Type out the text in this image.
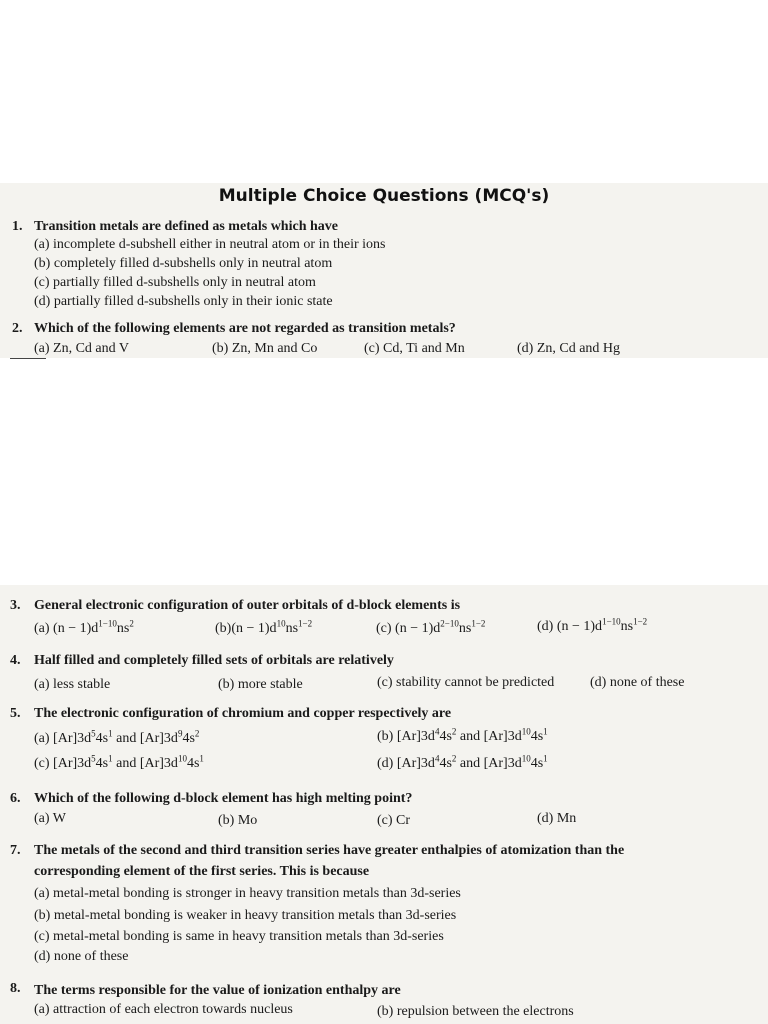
Multiple Choice Questions (MCQ's)
1. Transition metals are defined as metals which have
(a) incomplete d-subshell either in neutral atom or in their ions
(b) completely filled d-subshells only in neutral atom
(c) partially filled d-subshells only in neutral atom
(d) partially filled d-subshells only in their ionic state
2. Which of the following elements are not regarded as transition metals?
(a) Zn, Cd and V	(b) Zn, Mn and Co	(c) Cd, Ti and Mn	(d) Zn, Cd and Hg
3. General electronic configuration of outer orbitals of d-block elements is
(a) $(n - 1)d^{1-10}ns^2$	$(b)(n - 1)d^{10}ns^{1-2}$	(c) $(n - 1)d^{2-10}ns^{1-2}$	(d) $(n - 1)d^{1-10}ns^{1-2}$
4. Half filled and completely filled sets of orbitals are relatively
(a) less stable	(b) more stable	(c) stability cannot be predicted	(d) none of these
5. The electronic configuration of chromium and copper respectively are
(a) $[Ar]3d^54s^1$ and $[Ar]3d^94s^2$	(b) $[Ar]3d^44s^2$ and $[Ar]3d^{10}4s^1$
(c) $[Ar]3d^54s^1$ and $[Ar]3d^{10}4s^1$	(d) $[Ar]3d^44s^2$ and $[Ar]3d^{10}4s^1$
6. Which of the following d-block element has high melting point?
(a) W	(b) Mo	(c) Cr	(d) Mn
7. The metals of the second and third transition series have greater enthalpies of atomization than the
corresponding element of the first series. This is because
(a) metal-metal bonding is stronger in heavy transition metals than 3d-series
(b) metal-metal bonding is weaker in heavy transition metals than 3d-series
(c) metal-metal bonding is same in heavy transition metals than 3d-series
(d) none of these
8. The terms responsible for the value of ionization enthalpy are
(a) attraction of each electron towards nucleus	(b) repulsion between the electrons
